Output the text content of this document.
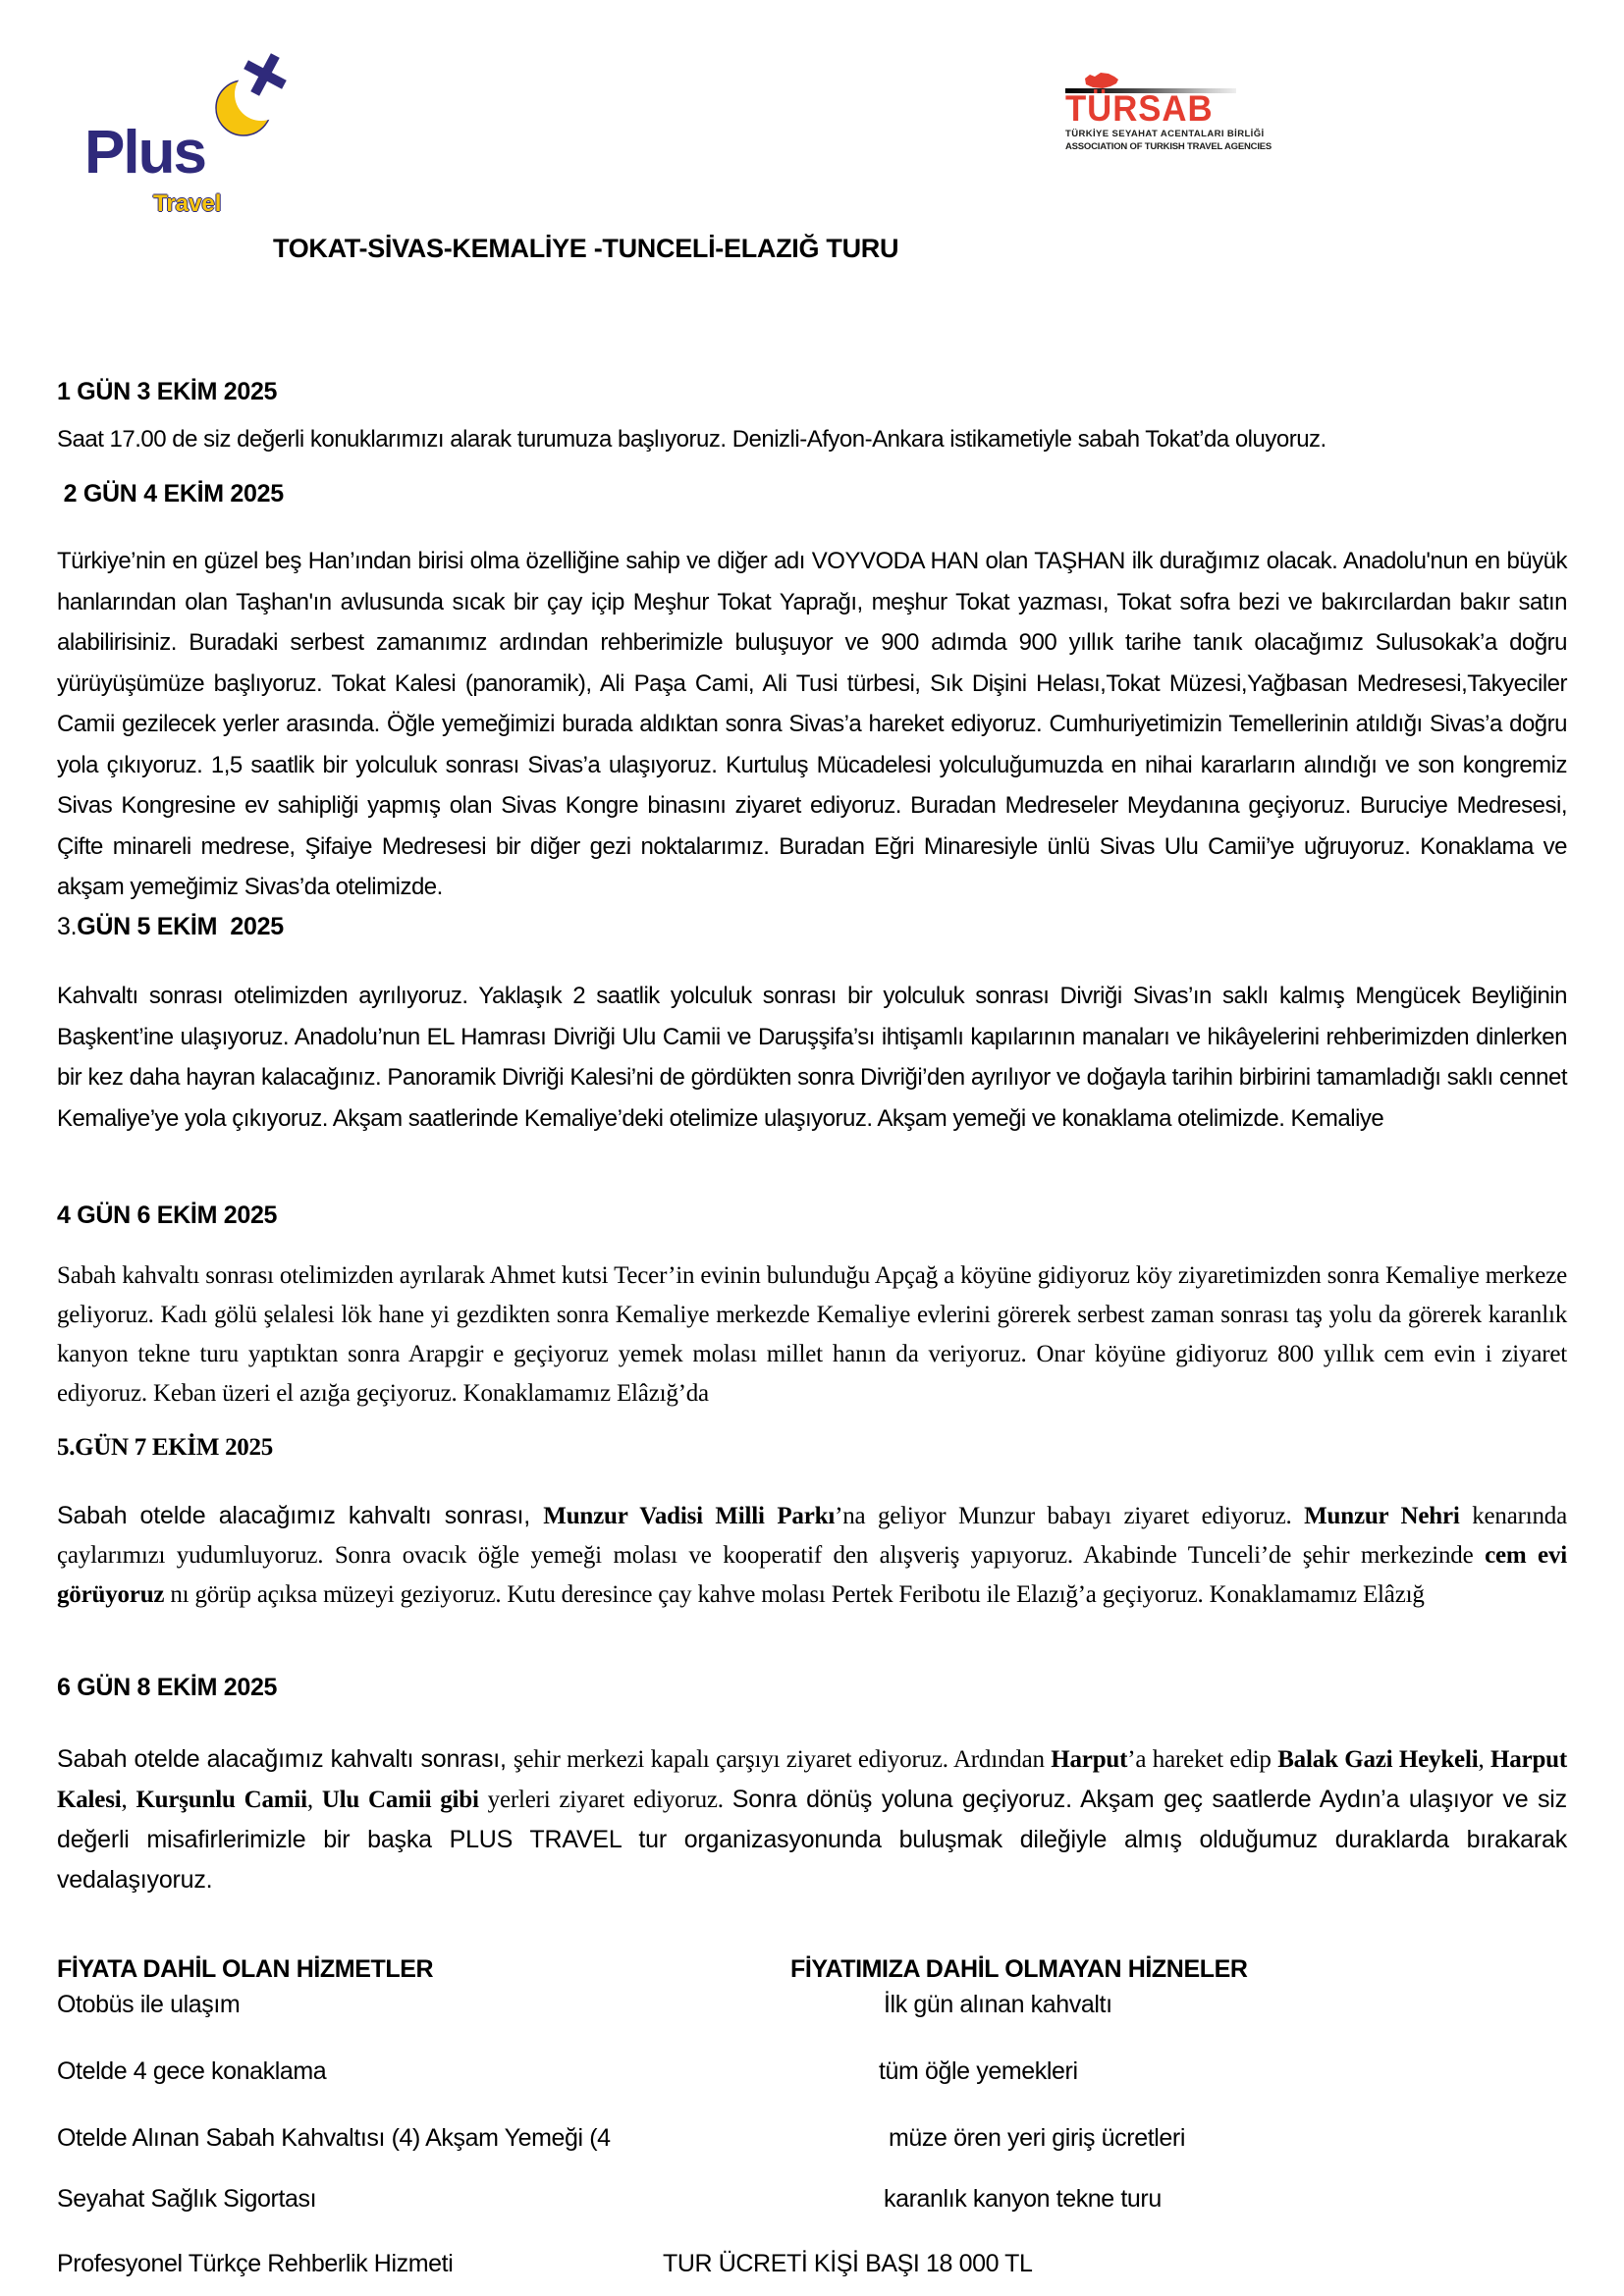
Plus
Travel
TÜRSAB
TÜRKİYE SEYAHAT ACENTALARI BİRLİĞİ
ASSOCIATION OF TURKISH TRAVEL AGENCIES
TOKAT-SİVAS-KEMALİYE -TUNCELİ-ELAZIĞ TURU
1 GÜN 3 EKİM 2025
Saat 17.00 de siz değerli konuklarımızı alarak turumuza başlıyoruz. Denizli-Afyon-Ankara istikametiyle sabah Tokat’da oluyoruz.
2 GÜN 4 EKİM 2025
Türkiye’nin en güzel beş Han’ından birisi olma özelliğine sahip ve diğer adı VOYVODA HAN olan TAŞHAN ilk durağımız olacak. Anadolu'nun en büyük hanlarından olan Taşhan'ın avlusunda sıcak bir çay içip Meşhur Tokat Yaprağı, meşhur Tokat yazması, Tokat sofra bezi ve bakırcılardan bakır satın alabilirisiniz. Buradaki serbest zamanımız ardından rehberimizle buluşuyor ve 900 adımda 900 yıllık tarihe tanık olacağımız Sulusokak’a doğru yürüyüşümüze başlıyoruz. Tokat Kalesi (panoramik), Ali Paşa Cami, Ali Tusi türbesi, Sık Dişini Helası,Tokat Müzesi,Yağbasan Medresesi,Takyeciler Camii gezilecek yerler arasında. Öğle yemeğimizi burada aldıktan sonra Sivas’a hareket ediyoruz. Cumhuriyetimizin Temellerinin atıldığı Sivas’a doğru yola çıkıyoruz. 1,5 saatlik bir yolculuk sonrası Sivas’a ulaşıyoruz. Kurtuluş Mücadelesi yolculuğumuzda en nihai kararların alındığı ve son kongremiz Sivas Kongresine ev sahipliği yapmış olan Sivas Kongre binasını ziyaret ediyoruz. Buradan Medreseler Meydanına geçiyoruz. Buruciye Medresesi, Çifte minareli medrese, Şifaiye Medresesi bir diğer gezi noktalarımız. Buradan Eğri Minaresiyle ünlü Sivas Ulu Camii’ye uğruyoruz. Konaklama ve akşam yemeğimiz Sivas’da otelimizde.
3.GÜN 5 EKİM  2025
Kahvaltı sonrası otelimizden ayrılıyoruz. Yaklaşık 2 saatlik yolculuk sonrası bir yolculuk sonrası Divriği Sivas’ın saklı kalmış Mengücek Beyliğinin Başkent’ine ulaşıyoruz. Anadolu’nun EL Hamrası Divriği Ulu Camii ve Daruşşifa’sı ihtişamlı kapılarının manaları ve hikâyelerini rehberimizden dinlerken bir kez daha hayran kalacağınız. Panoramik Divriği Kalesi’ni de gördükten sonra Divriği’den ayrılıyor ve doğayla tarihin birbirini tamamladığı saklı cennet Kemaliye’ye yola çıkıyoruz. Akşam saatlerinde Kemaliye’deki otelimize ulaşıyoruz. Akşam yemeği ve konaklama otelimizde. Kemaliye
4 GÜN 6 EKİM 2025
Sabah kahvaltı sonrası otelimizden ayrılarak Ahmet kutsi Tecer’in evinin bulunduğu Apçağ a köyüne gidiyoruz köy ziyaretimizden sonra Kemaliye merkeze geliyoruz. Kadı gölü şelalesi lök hane yi gezdikten sonra Kemaliye merkezde Kemaliye evlerini görerek serbest zaman sonrası taş yolu da görerek karanlık kanyon tekne turu yaptıktan sonra Arapgir e geçiyoruz yemek molası millet hanın da veriyoruz. Onar köyüne gidiyoruz 800 yıllık cem evin i ziyaret ediyoruz. Keban üzeri el azığa geçiyoruz. Konaklamamız Elâzığ’da
5.GÜN 7 EKİM 2025
Sabah otelde alacağımız kahvaltı sonrası, Munzur Vadisi Milli Parkı’na geliyor Munzur babayı ziyaret ediyoruz. Munzur Nehri kenarında çaylarımızı yudumluyoruz. Sonra ovacık öğle yemeği molası ve kooperatif den alışveriş yapıyoruz. Akabinde Tunceli’de şehir merkezinde cem evi görüyoruz nı görüp açıksa müzeyi geziyoruz. Kutu deresince çay kahve molası Pertek Feribotu ile Elazığ’a geçiyoruz. Konaklamamız Elâzığ
6 GÜN 8 EKİM 2025
Sabah otelde alacağımız kahvaltı sonrası, şehir merkezi kapalı çarşıyı ziyaret ediyoruz. Ardından Harput’a hareket edip Balak Gazi Heykeli, Harput Kalesi, Kurşunlu Camii, Ulu Camii gibi yerleri ziyaret ediyoruz. Sonra dönüş yoluna geçiyoruz. Akşam geç saatlerde Aydın’a ulaşıyor ve siz değerli misafirlerimizle bir başka PLUS TRAVEL tur organizasyonunda buluşmak dileğiyle almış olduğumuz duraklarda bırakarak vedalaşıyoruz.
FİYATA DAHİL OLAN HİZMETLER	FİYATIMIZA DAHİL OLMAYAN HİZNELER
Otobüs ile ulaşım	İlk gün alınan kahvaltı
Otelde 4 gece konaklama	tüm öğle yemekleri
Otelde Alınan Sabah Kahvaltısı (4) Akşam Yemeği (4	müze ören yeri giriş ücretleri
Seyahat Sağlık Sigortası	karanlık kanyon tekne turu
Profesyonel Türkçe Rehberlik Hizmeti	TUR ÜCRETİ KİŞİ BAŞI 18 000 TL
